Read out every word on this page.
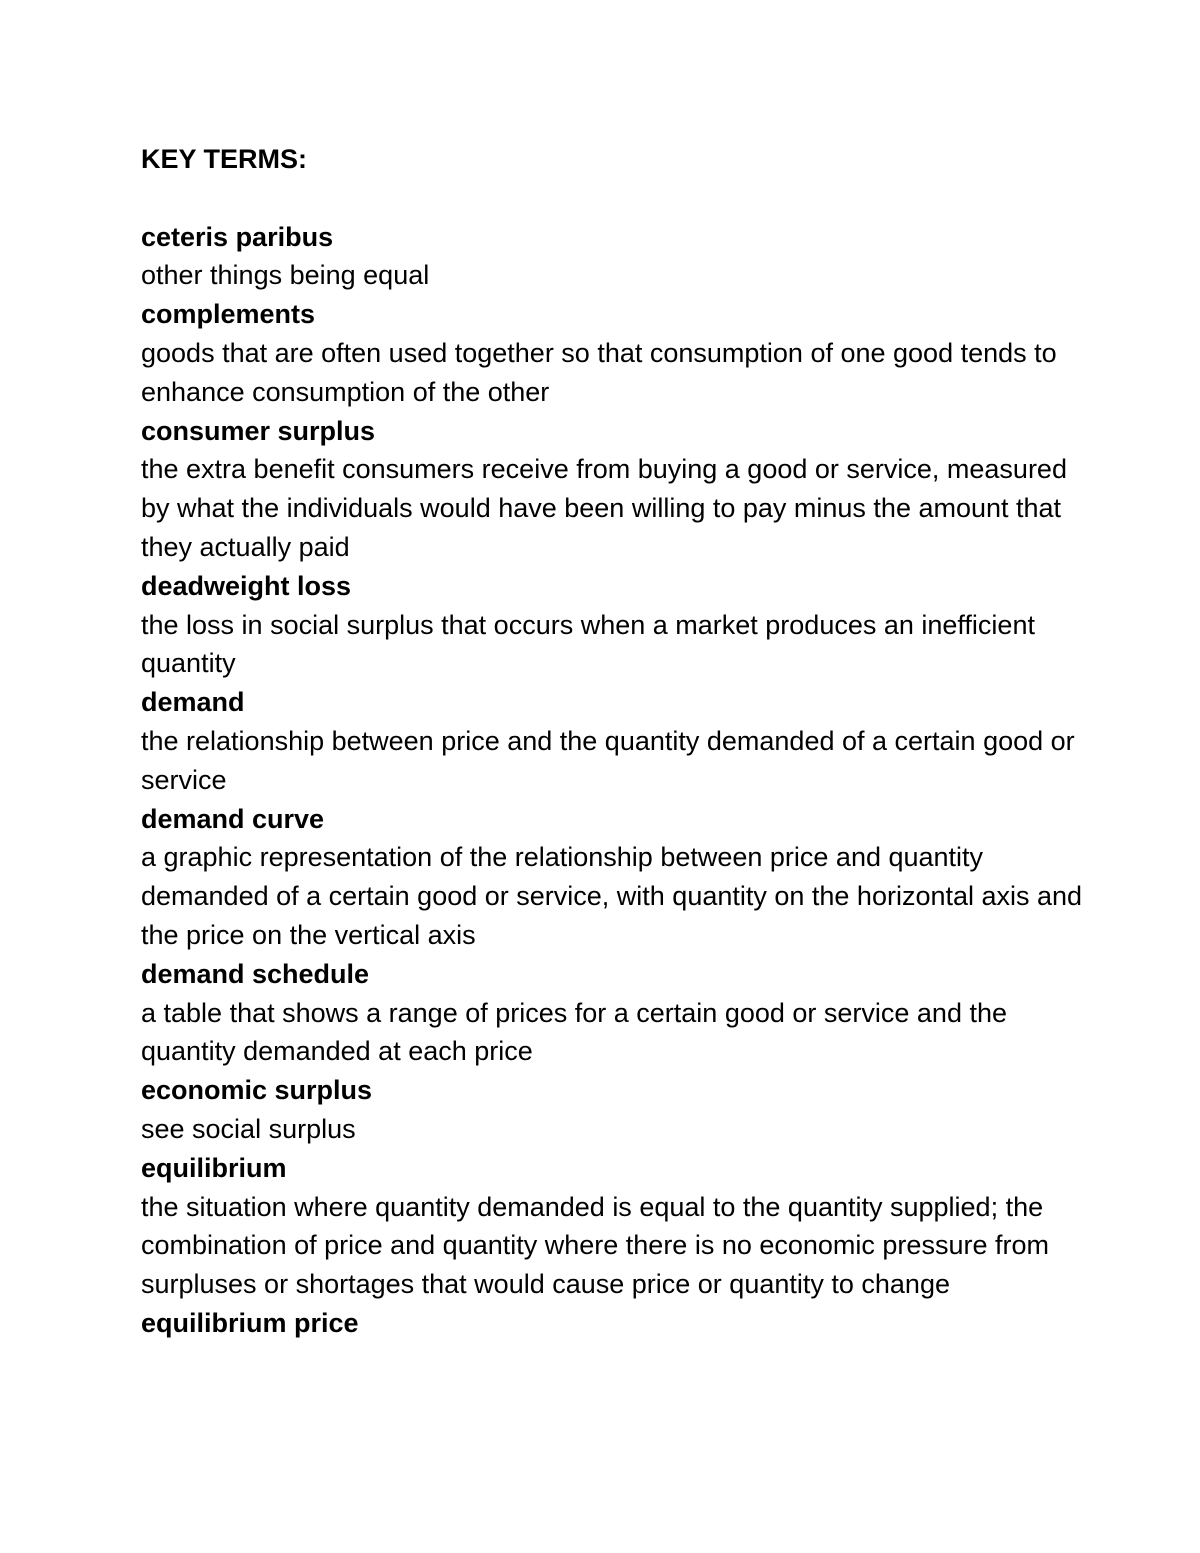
KEY TERMS:

ceteris paribus

other things being equal

complements

goods that are often used together so that consumption of one good tends to enhance consumption of the other

consumer surplus

the extra benefit consumers receive from buying a good or service, measured by what the individuals would have been willing to pay minus the amount that they actually paid

deadweight loss

the loss in social surplus that occurs when a market produces an inefficient quantity

demand

the relationship between price and the quantity demanded of a certain good or service

demand curve

a graphic representation of the relationship between price and quantity demanded of a certain good or service, with quantity on the horizontal axis and the price on the vertical axis

demand schedule

a table that shows a range of prices for a certain good or service and the quantity demanded at each price

economic surplus

see social surplus

equilibrium

the situation where quantity demanded is equal to the quantity supplied; the combination of price and quantity where there is no economic pressure from surpluses or shortages that would cause price or quantity to change

equilibrium price
